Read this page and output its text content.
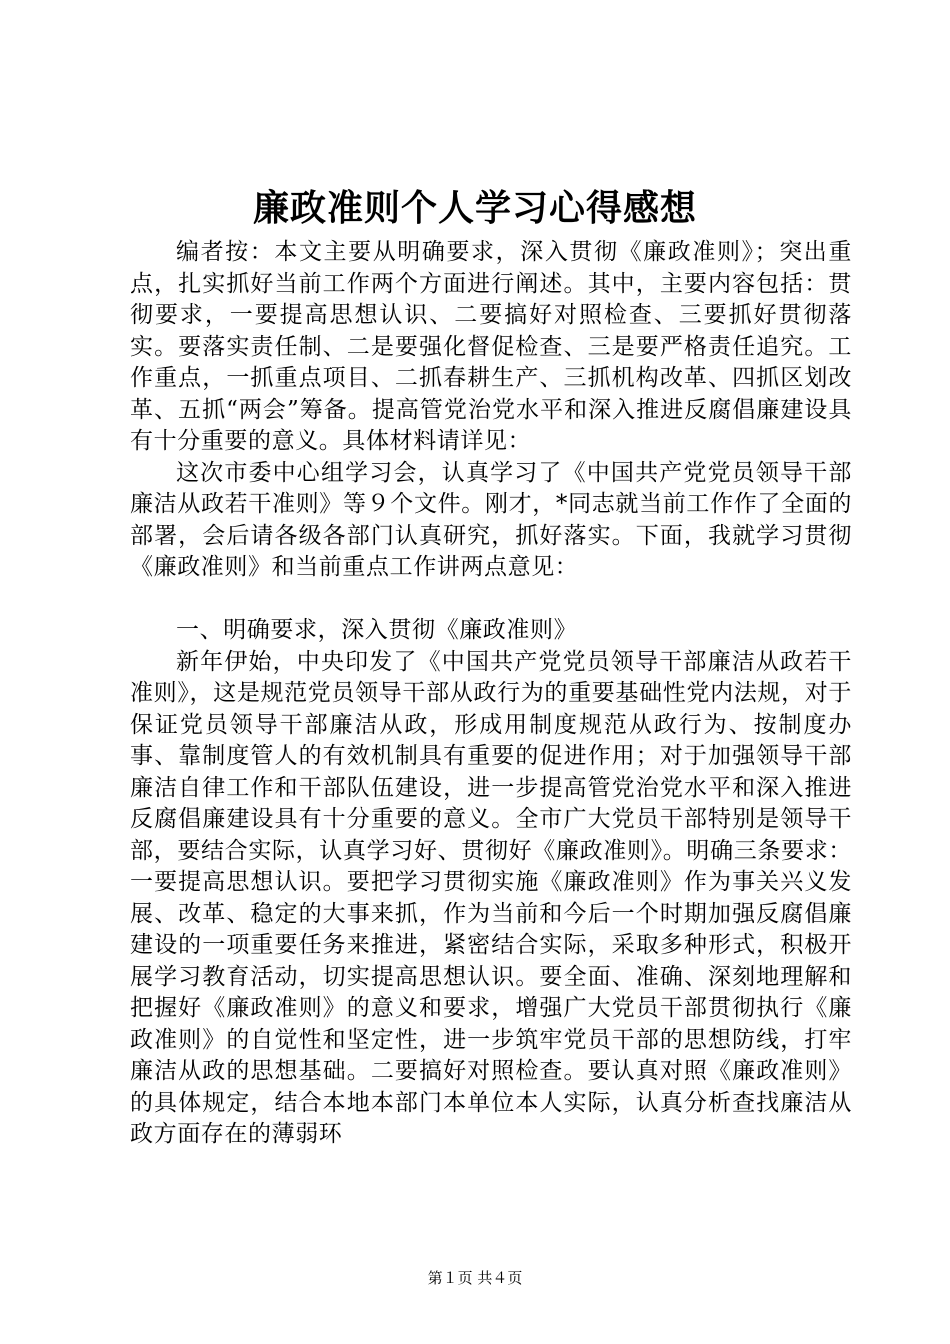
廉政准则个人学习心得感想

编者按：本文主要从明确要求，深入贯彻《廉政准则》；突出重点，扎实抓好当前工作两个方面进行阐述。其中，主要内容包括：贯彻要求，一要提高思想认识、二要搞好对照检查、三要抓好贯彻落实。要落实责任制、二是要强化督促检查、三是要严格责任追究。工作重点，一抓重点项目、二抓春耕生产、三抓机构改革、四抓区划改革、五抓“两会”筹备。提高管党治党水平和深入推进反腐倡廉建设具有十分重要的意义。具体材料请详见：

这次市委中心组学习会，认真学习了《中国共产党党员领导干部廉洁从政若干准则》等９个文件。刚才，*同志就当前工作作了全面的部署，会后请各级各部门认真研究，抓好落实。下面，我就学习贯彻《廉政准则》和当前重点工作讲两点意见：

一、明确要求，深入贯彻《廉政准则》

新年伊始，中央印发了《中国共产党党员领导干部廉洁从政若干准则》，这是规范党员领导干部从政行为的重要基础性党内法规，对于保证党员领导干部廉洁从政，形成用制度规范从政行为、按制度办事、靠制度管人的有效机制具有重要的促进作用；对于加强领导干部廉洁自律工作和干部队伍建设，进一步提高管党治党水平和深入推进反腐倡廉建设具有十分重要的意义。全市广大党员干部特别是领导干部，要结合实际，认真学习好、贯彻好《廉政准则》。明确三条要求：一要提高思想认识。要把学习贯彻实施《廉政准则》作为事关兴义发展、改革、稳定的大事来抓，作为当前和今后一个时期加强反腐倡廉建设的一项重要任务来推进，紧密结合实际，采取多种形式，积极开展学习教育活动，切实提高思想认识。要全面、准确、深刻地理解和把握好《廉政准则》的意义和要求，增强广大党员干部贯彻执行《廉政准则》的自觉性和坚定性，进一步筑牢党员干部的思想防线，打牢廉洁从政的思想基础。二要搞好对照检查。要认真对照《廉政准则》的具体规定，结合本地本部门本单位本人实际，认真分析查找廉洁从政方面存在的薄弱环

第１页 共４页
